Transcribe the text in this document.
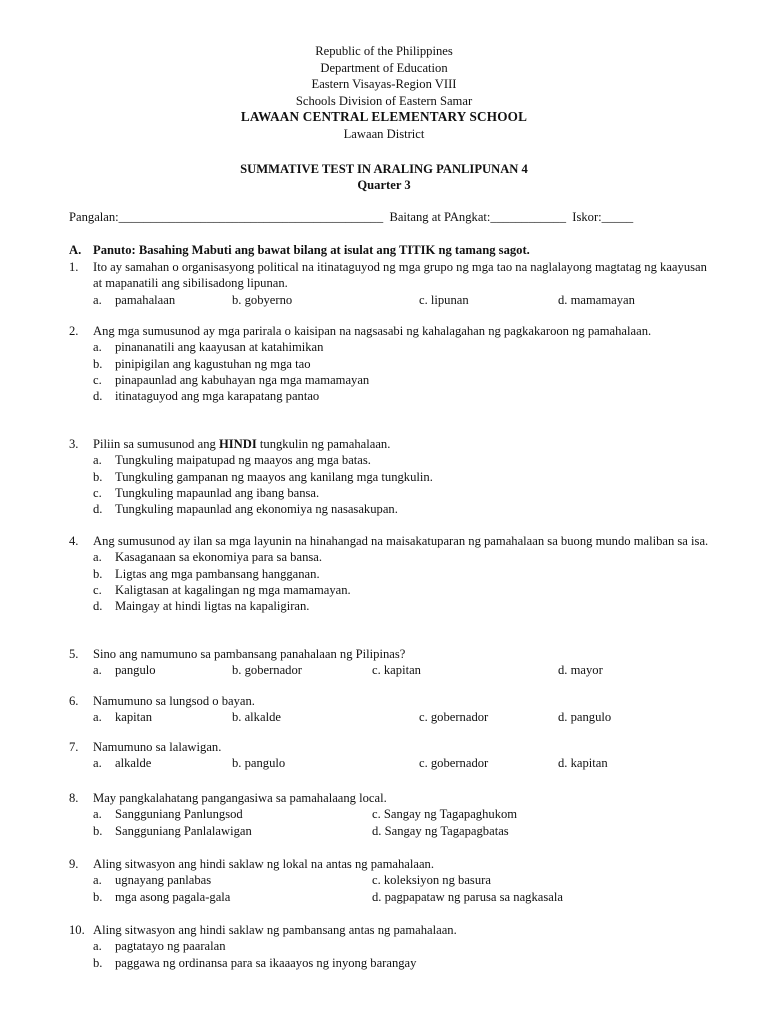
Republic of the Philippines
Department of Education
Eastern Visayas-Region VIII
Schools Division of Eastern Samar
LAWAAN CENTRAL ELEMENTARY SCHOOL
Lawaan District
SUMMATIVE TEST IN ARALING PANLIPUNAN 4
Quarter 3
Pangalan:__________________________________________ Baitang at PAngkat:____________ Iskor:_____
A. Panuto: Basahing Mabuti ang bawat bilang at isulat ang TITIK ng tamang sagot.
1. Ito ay samahan o organisasyong political na itinataguyod ng mga grupo ng mga tao na naglalayong magtatag ng kaayusan at mapanatili ang sibilisadong lipunan.
a. pamahalaan	b. gobyerno	c. lipunan	d. mamamayan
2. Ang mga sumusunod ay mga parirala o kaisipan na nagsasabi ng kahalagahan ng pagkakaroon ng pamahalaan.
a. pinananatili ang kaayusan at katahimikan
b. pinipigilan ang kagustuhan ng mga tao
c. pinapaunlad ang kabuhayan nga mga mamamayan
d. itinataguyod ang mga karapatang pantao
3. Piliin sa sumusunod ang HINDI tungkulin ng pamahalaan.
a. Tungkuling maipatupad ng maayos ang mga batas.
b. Tungkuling gampanan ng maayos ang kanilang mga tungkulin.
c. Tungkuling mapaunlad ang ibang bansa.
d. Tungkuling mapaunlad ang ekonomiya ng nasasakupan.
4. Ang sumusunod ay ilan sa mga layunin na hinahangad na maisakatuparan ng pamahalaan sa buong mundo maliban sa isa.
a. Kasaganaan sa ekonomiya para sa bansa.
b. Ligtas ang mga pambansang hangganan.
c. Kaligtasan at kagalingan ng mga mamamayan.
d. Maingay at hindi ligtas na kapaligiran.
5. Sino ang namumuno sa pambansang panahalaan ng Pilipinas?
a. pangulo	b. gobernador	c. kapitan	d. mayor
6. Namumuno sa lungsod o bayan.
a. kapitan	b. alkalde	c. gobernador	d. pangulo
7. Namumuno sa lalawigan.
a. alkalde	b. pangulo	c. gobernador	d. kapitan
8. May pangkalahatang pangangasiwa sa pamahalaang local.
a. Sangguniang Panlungsod	c. Sangay ng Tagapaghukom
b. Sangguniang Panlalawigan	d. Sangay ng Tagapagbatas
9. Aling sitwasyon ang hindi saklaw ng lokal na antas ng pamahalaan.
a. ugnayang panlabas	c. koleksiyon ng basura
b. mga asong pagala-gala	d. pagpapataw ng parusa sa nagkasala
10. Aling sitwasyon ang hindi saklaw ng pambansang antas ng pamahalaan.
a. pagtatayo ng paaralan
b. paggawa ng ordinansa para sa ikaaayos ng inyong barangay
